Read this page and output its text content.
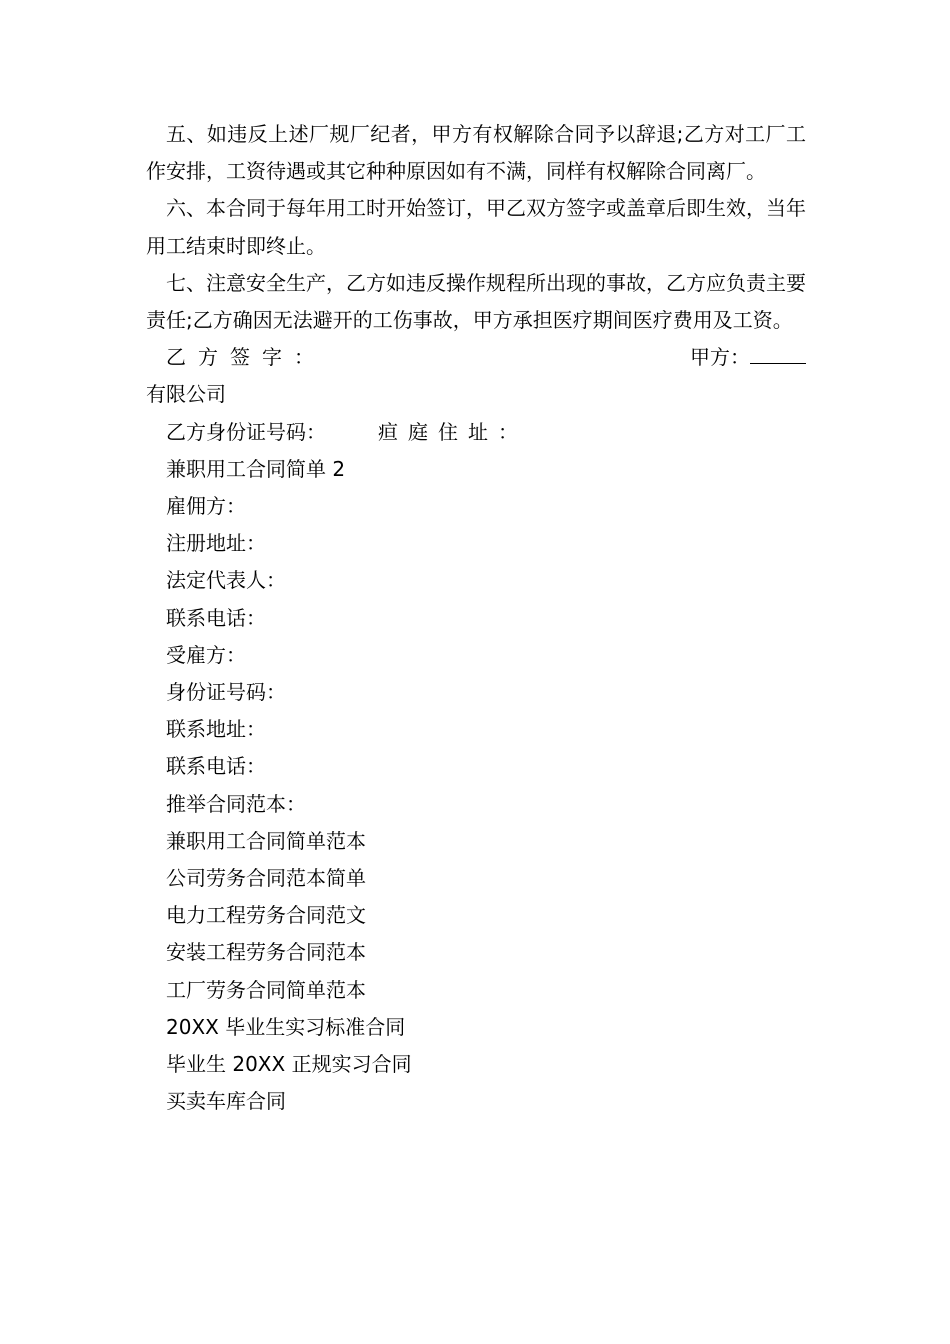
五、如违反上述厂规厂纪者，甲方有权解除合同予以辞退;乙方对工厂工作安排，工资待遇或其它种种原因如有不满，同样有权解除合同离厂。

六、本合同于每年用工时开始签订，甲乙双方签字或盖章后即生效，当年用工结束时即终止。

七、注意安全生产，乙方如违反操作规程所出现的事故，乙方应负责主要责任;乙方确因无法避开的工伤事故，甲方承担医疗期间医疗费用及工资。

乙方签字：	甲方：

有限公司

乙方身份证号码：	疸庭住址：

兼职用工合同简单 2

雇佣方：

注册地址：

法定代表人：

联系电话：

受雇方：

身份证号码：

联系地址：

联系电话：

推举合同范本：

兼职用工合同简单范本

公司劳务合同范本简单

电力工程劳务合同范文

安装工程劳务合同范本

工厂劳务合同简单范本

20XX 毕业生实习标准合同

毕业生 20XX 正规实习合同

买卖车库合同
